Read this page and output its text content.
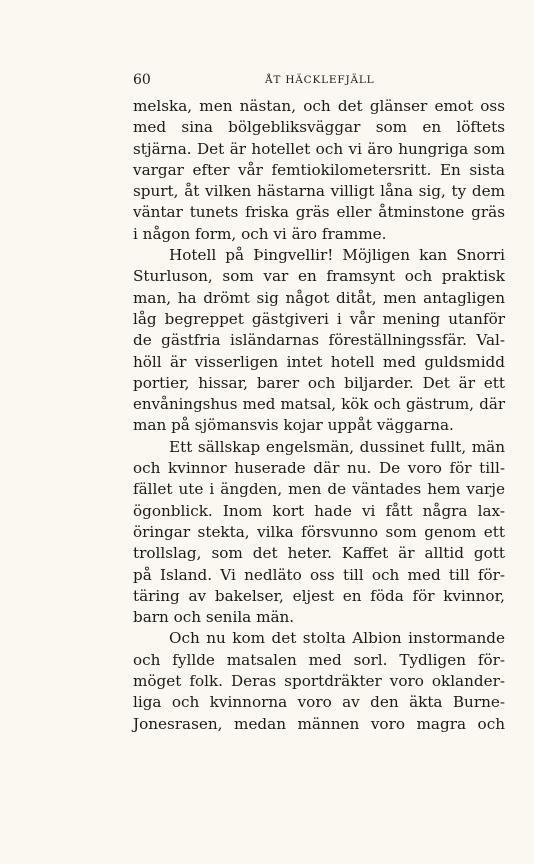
60	ÅT HÄCKLEFJÄLL
melska, men nästan, och det glänser emot oss
med sina bölgebliksväggar som en löftets
stjärna. Det är hotellet och vi äro hungriga som
vargar efter vår femtiokilometersritt. En sista
spurt, åt vilken hästarna villigt låna sig, ty dem
väntar tunets friska gräs eller åtminstone gräs
i någon form, och vi äro framme.
Hotell på Þingvellir! Möjligen kan Snorri
Sturluson, som var en framsynt och praktisk
man, ha drömt sig något ditåt, men antagligen
låg begreppet gästgiveri i vår mening utanför
de gästfria isländarnas föreställningssfär. Val-
höll är visserligen intet hotell med guldsmidd
portier, hissar, barer och biljarder. Det är ett
envåningshus med matsal, kök och gästrum, där
man på sjömansvis kojar uppåt väggarna.
Ett sällskap engelsmän, dussinet fullt, män
och kvinnor huserade där nu. De voro för till-
fället ute i ängden, men de väntades hem varje
ögonblick. Inom kort hade vi fått några lax-
öringar stekta, vilka försvunno som genom ett
trollslag, som det heter. Kaffet är alltid gott
på Island. Vi nedläto oss till och med till för-
täring av bakelser, eljest en föda för kvinnor,
barn och senila män.
Och nu kom det stolta Albion instormande
och fyllde matsalen med sorl. Tydligen för-
möget folk. Deras sportdräkter voro oklander-
liga och kvinnorna voro av den äkta Burne-
Jonesrasen, medan männen voro magra och
